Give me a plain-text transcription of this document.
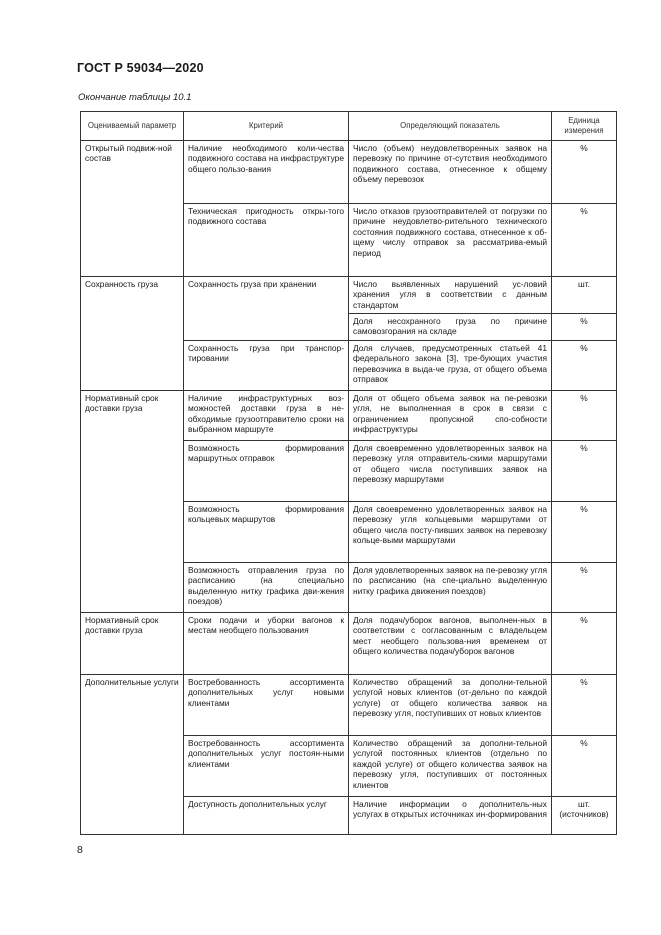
ГОСТ Р 59034—2020
Окончание таблицы 10.1
Оцениваемый параметр	Критерий	Определяющий показатель	Единица измерения
Открытый подвиж-ной состав	Наличие необходимого коли-чества подвижного состава на инфраструктуре общего пользо-вания	Число (объем) неудовлетворенных заявок на перевозку по причине от-сутствия необходимого подвижного состава, отнесенное к общему объему перевозок	%
	Техническая пригодность откры-того подвижного состава	Число отказов грузоотправителей от погрузки по причине неудовлетво-рительного технического состояния подвижного состава, отнесенное к об-щему числу отправок за рассматрива-емый период	%
Сохранность груза	Сохранность груза при хранении	Число выявленных нарушений ус-ловий хранения угля в соответствии с данным стандартом	шт.
		Доля несохранного груза по причине самовозгорания на складе	%
	Сохранность груза при транспор-тировании	Доля случаев, предусмотренных статьей 41 федерального закона [3], тре-бующих участия перевозчика в выда-че груза, от общего объема отправок	%
Нормативный срок доставки груза	Наличие инфраструктурных воз-можностей доставки груза в не-обходимые грузоотправителю сроки на выбранном маршруте	Доля от общего объема заявок на пе-ревозки угля, не выполненная в срок в связи с ограничением пропускной спо-собности инфраструктуры	%
	Возможность формирования маршрутных отправок	Доля своевременно удовлетворенных заявок на перевозку угля отправитель-скими маршрутами от общего числа поступивших заявок на перевозку маршрутами	%
	Возможность формирования кольцевых маршрутов	Доля своевременно удовлетворенных заявок на перевозку угля кольцевыми маршрутами от общего числа посту-пивших заявок на перевозку кольце-выми маршрутами	%
	Возможность отправления груза по расписанию (на специально выделенную нитку графика дви-жения поездов)	Доля удовлетворенных заявок на пе-ревозку угля по расписанию (на спе-циально выделенную нитку графика движения поездов)	%
Нормативный срок доставки груза	Сроки подачи и уборки вагонов к местам необщего пользования	Доля подач/уборок вагонов, выполнен-ных в соответствии с согласованным с владельцем мест необщего пользова-ния временем от общего количества подач/уборок вагонов	%
Дополнительные услуги	Востребованность ассортимента дополнительных услуг новыми клиентами	Количество обращений за дополни-тельной услугой новых клиентов (от-дельно по каждой услуге) от общего количества заявок на перевозку угля, поступивших от новых клиентов	%
	Востребованность ассортимента дополнительных услуг постоян-ными клиентами	Количество обращений за дополни-тельной услугой постоянных клиентов (отдельно по каждой услуге) от общего количества заявок на перевозку угля, поступивших от постоянных клиентов	%
	Доступность дополнительных услуг	Наличие информации о дополнитель-ных услугах в открытых источниках ин-формирования	шт. (источников)
8
